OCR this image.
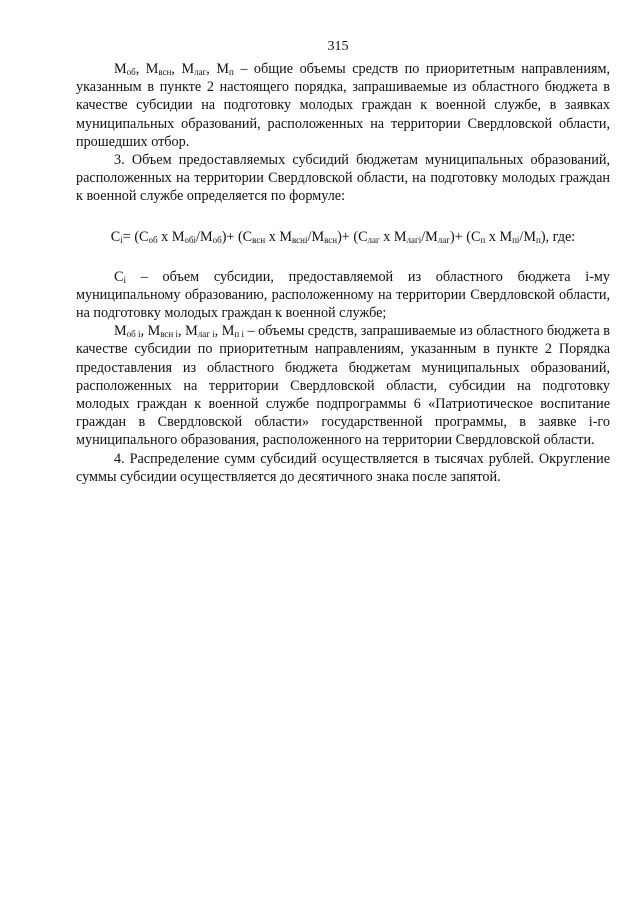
315

$М_{об}$, $М_{всн}$, $М_{лаг}$, $М_п$ – общие объемы средств по приоритетным направлениям, указанным в пункте 2 настоящего порядка, запрашиваемые из областного бюджета в качестве субсидии на подготовку молодых граждан к военной службе, в заявках муниципальных образований, расположенных на территории Свердловской области, прошедших отбор.

3. Объем предоставляемых субсидий бюджетам муниципальных образований, расположенных на территории Свердловской области, на подготовку молодых граждан к военной службе определяется по формуле:

$С_i= (С_{об}$ х $М_{обi}/М_{об})+ (С_{всн}$ х $М_{вснi}/М_{всн})+ (С_{лаг}$ х $М_{лагi}/М_{лаг})+ (С_п$ х $М_{пi}/М_п$), где:

$С_i$ – объем субсидии, предоставляемой из областного бюджета i-му муниципальному образованию, расположенному на территории Свердловской области, на подготовку молодых граждан к военной службе;

$М_{об i}$, $М_{всн i}$, $М_{лаг i}$, $М_{п i}$ – объемы средств, запрашиваемые из областного бюджета в качестве субсидии по приоритетным направлениям, указанным в пункте 2 Порядка предоставления из областного бюджета бюджетам муниципальных образований, расположенных на территории Свердловской области, субсидии на подготовку молодых граждан к военной службе подпрограммы 6 «Патриотическое воспитание граждан в Свердловской области» государственной программы, в заявке i-го муниципального образования, расположенного на территории Свердловской области.

4. Распределение сумм субсидий осуществляется в тысячах рублей. Округление суммы субсидии осуществляется до десятичного знака после запятой.
